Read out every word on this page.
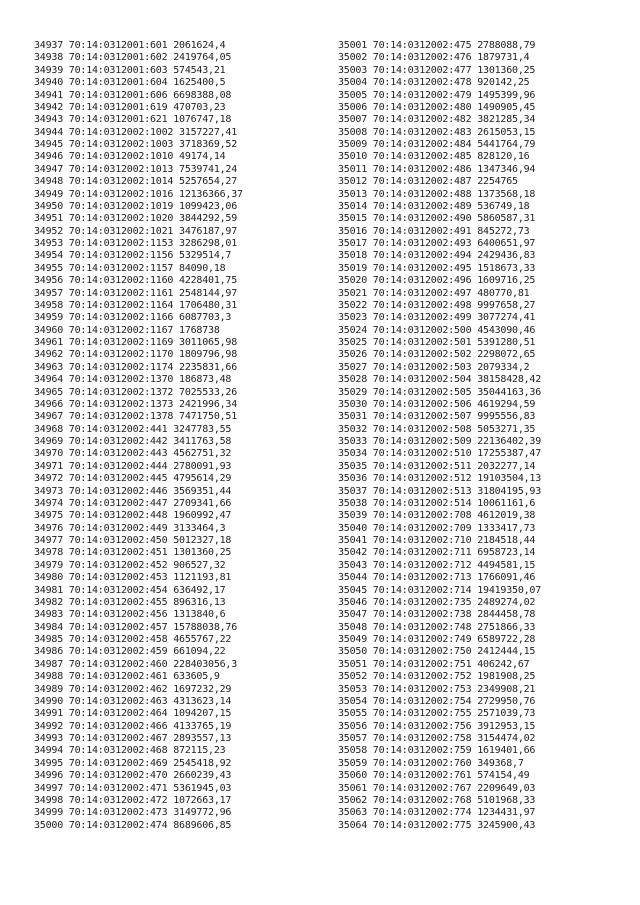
34937 70:14:0312001:601 2061624,4
34938 70:14:0312001:602 2419764,05
34939 70:14:0312001:603 574543,21
34940 70:14:0312001:604 1625400,5
34941 70:14:0312001:606 6698388,08
34942 70:14:0312001:619 470703,23
34943 70:14:0312001:621 1076747,18
34944 70:14:0312002:1002 3157227,41
34945 70:14:0312002:1003 3718369,52
34946 70:14:0312002:1010 49174,14
34947 70:14:0312002:1013 7539741,24
34948 70:14:0312002:1014 5257654,27
34949 70:14:0312002:1016 12136366,37
34950 70:14:0312002:1019 1099423,06
34951 70:14:0312002:1020 3844292,59
34952 70:14:0312002:1021 3476187,97
34953 70:14:0312002:1153 3286298,01
34954 70:14:0312002:1156 5329514,7
34955 70:14:0312002:1157 84090,18
34956 70:14:0312002:1160 4228401,75
34957 70:14:0312002:1161 2548144,97
34958 70:14:0312002:1164 1706480,31
34959 70:14:0312002:1166 6087703,3
34960 70:14:0312002:1167 1768738
34961 70:14:0312002:1169 3011065,98
34962 70:14:0312002:1170 1809796,98
34963 70:14:0312002:1174 2235831,66
34964 70:14:0312002:1370 186873,48
34965 70:14:0312002:1372 7025533,26
34966 70:14:0312002:1373 2421996,34
34967 70:14:0312002:1378 7471750,51
34968 70:14:0312002:441 3247783,55
34969 70:14:0312002:442 3411763,58
34970 70:14:0312002:443 4562751,32
34971 70:14:0312002:444 2780091,93
34972 70:14:0312002:445 4795614,29
34973 70:14:0312002:446 3569351,44
34974 70:14:0312002:447 2709341,66
34975 70:14:0312002:448 1960992,47
34976 70:14:0312002:449 3133464,3
34977 70:14:0312002:450 5012327,18
34978 70:14:0312002:451 1301360,25
34979 70:14:0312002:452 906527,32
34980 70:14:0312002:453 1121193,81
34981 70:14:0312002:454 636492,17
34982 70:14:0312002:455 896316,13
34983 70:14:0312002:456 1313840,6
34984 70:14:0312002:457 15788038,76
34985 70:14:0312002:458 4655767,22
34986 70:14:0312002:459 661094,22
34987 70:14:0312002:460 228403056,3
34988 70:14:0312002:461 633605,9
34989 70:14:0312002:462 1697232,29
34990 70:14:0312002:463 4313623,14
34991 70:14:0312002:464 1094207,15
34992 70:14:0312002:466 4133765,19
34993 70:14:0312002:467 2893557,13
34994 70:14:0312002:468 872115,23
34995 70:14:0312002:469 2545418,92
34996 70:14:0312002:470 2660239,43
34997 70:14:0312002:471 5361945,03
34998 70:14:0312002:472 1072663,17
34999 70:14:0312002:473 3149772,96
35000 70:14:0312002:474 8689606,85
35001 70:14:0312002:475 2788088,79
35002 70:14:0312002:476 1879731,4
35003 70:14:0312002:477 1301360,25
35004 70:14:0312002:478 920142,25
35005 70:14:0312002:479 1495399,96
35006 70:14:0312002:480 1490905,45
35007 70:14:0312002:482 3821285,34
35008 70:14:0312002:483 2615053,15
35009 70:14:0312002:484 5441764,79
35010 70:14:0312002:485 828120,16
35011 70:14:0312002:486 1347346,94
35012 70:14:0312002:487 2254765
35013 70:14:0312002:488 1373568,18
35014 70:14:0312002:489 536749,18
35015 70:14:0312002:490 5860587,31
35016 70:14:0312002:491 845272,73
35017 70:14:0312002:493 6400651,97
35018 70:14:0312002:494 2429436,83
35019 70:14:0312002:495 1518673,33
35020 70:14:0312002:496 1609716,25
35021 70:14:0312002:497 480770,81
35022 70:14:0312002:498 9997658,27
35023 70:14:0312002:499 3077274,41
35024 70:14:0312002:500 4543090,46
35025 70:14:0312002:501 5391280,51
35026 70:14:0312002:502 2298072,65
35027 70:14:0312002:503 2079334,2
35028 70:14:0312002:504 38158428,42
35029 70:14:0312002:505 35044163,36
35030 70:14:0312002:506 4619294,59
35031 70:14:0312002:507 9995556,83
35032 70:14:0312002:508 5053271,35
35033 70:14:0312002:509 22136402,39
35034 70:14:0312002:510 17255387,47
35035 70:14:0312002:511 2032277,14
35036 70:14:0312002:512 19103504,13
35037 70:14:0312002:513 31804195,93
35038 70:14:0312002:514 10061161,6
35039 70:14:0312002:708 4612019,38
35040 70:14:0312002:709 1333417,73
35041 70:14:0312002:710 2184518,44
35042 70:14:0312002:711 6958723,14
35043 70:14:0312002:712 4494581,15
35044 70:14:0312002:713 1766091,46
35045 70:14:0312002:714 19419350,07
35046 70:14:0312002:735 2489274,02
35047 70:14:0312002:738 2844458,78
35048 70:14:0312002:748 2751866,33
35049 70:14:0312002:749 6589722,28
35050 70:14:0312002:750 2412444,15
35051 70:14:0312002:751 406242,67
35052 70:14:0312002:752 1981908,25
35053 70:14:0312002:753 2349908,21
35054 70:14:0312002:754 2729950,76
35055 70:14:0312002:755 2571039,73
35056 70:14:0312002:756 3912953,15
35057 70:14:0312002:758 3154474,02
35058 70:14:0312002:759 1619401,66
35059 70:14:0312002:760 349368,7
35060 70:14:0312002:761 574154,49
35061 70:14:0312002:767 2209649,03
35062 70:14:0312002:768 5101968,33
35063 70:14:0312002:774 1234431,97
35064 70:14:0312002:775 3245900,43
